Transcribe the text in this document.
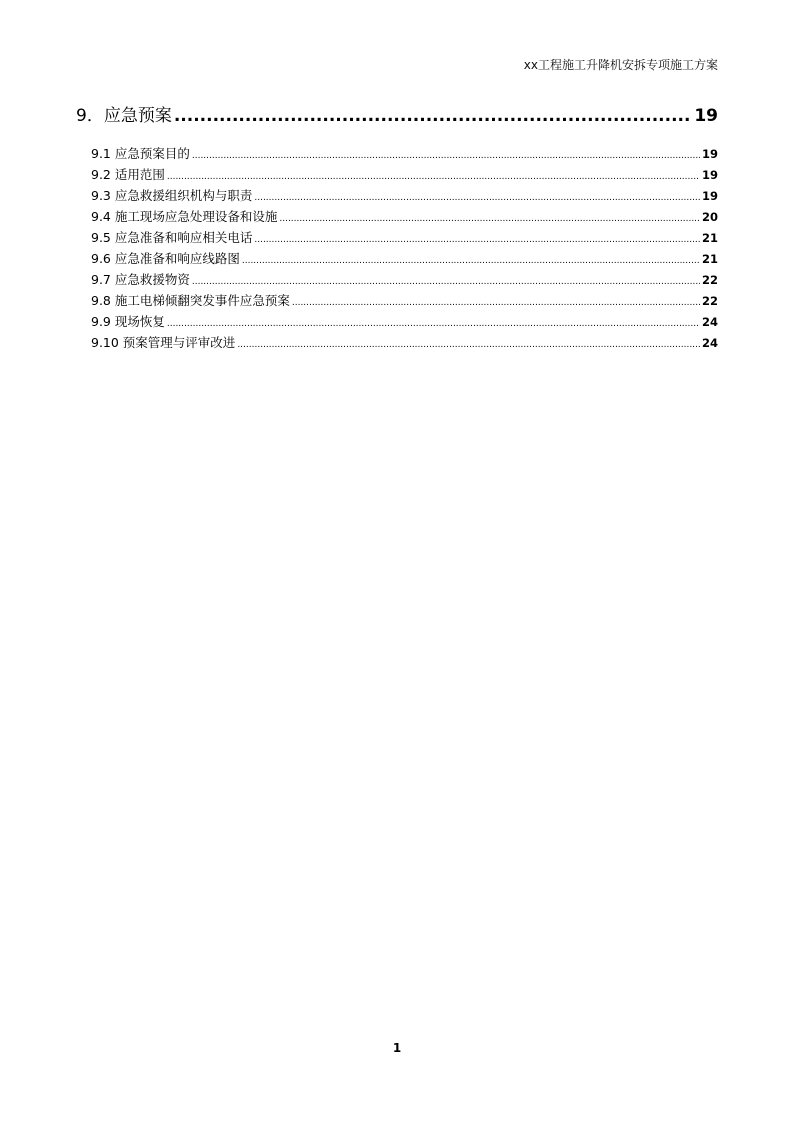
xx工程施工升降机安拆专项施工方案
9．应急预案 .....	19
9.1 应急预案目的 .....	19
9.2 适用范围 .....	19
9.3 应急救援组织机构与职责 .....	19
9.4 施工现场应急处理设备和设施 .....	20
9.5 应急准备和响应相关电话 .....	21
9.6 应急准备和响应线路图 .....	21
9.7 应急救援物资 .....	22
9.8 施工电梯倾翻突发事件应急预案 .....	22
9.9 现场恢复 .....	24
9.10 预案管理与评审改进 .....	24
1
